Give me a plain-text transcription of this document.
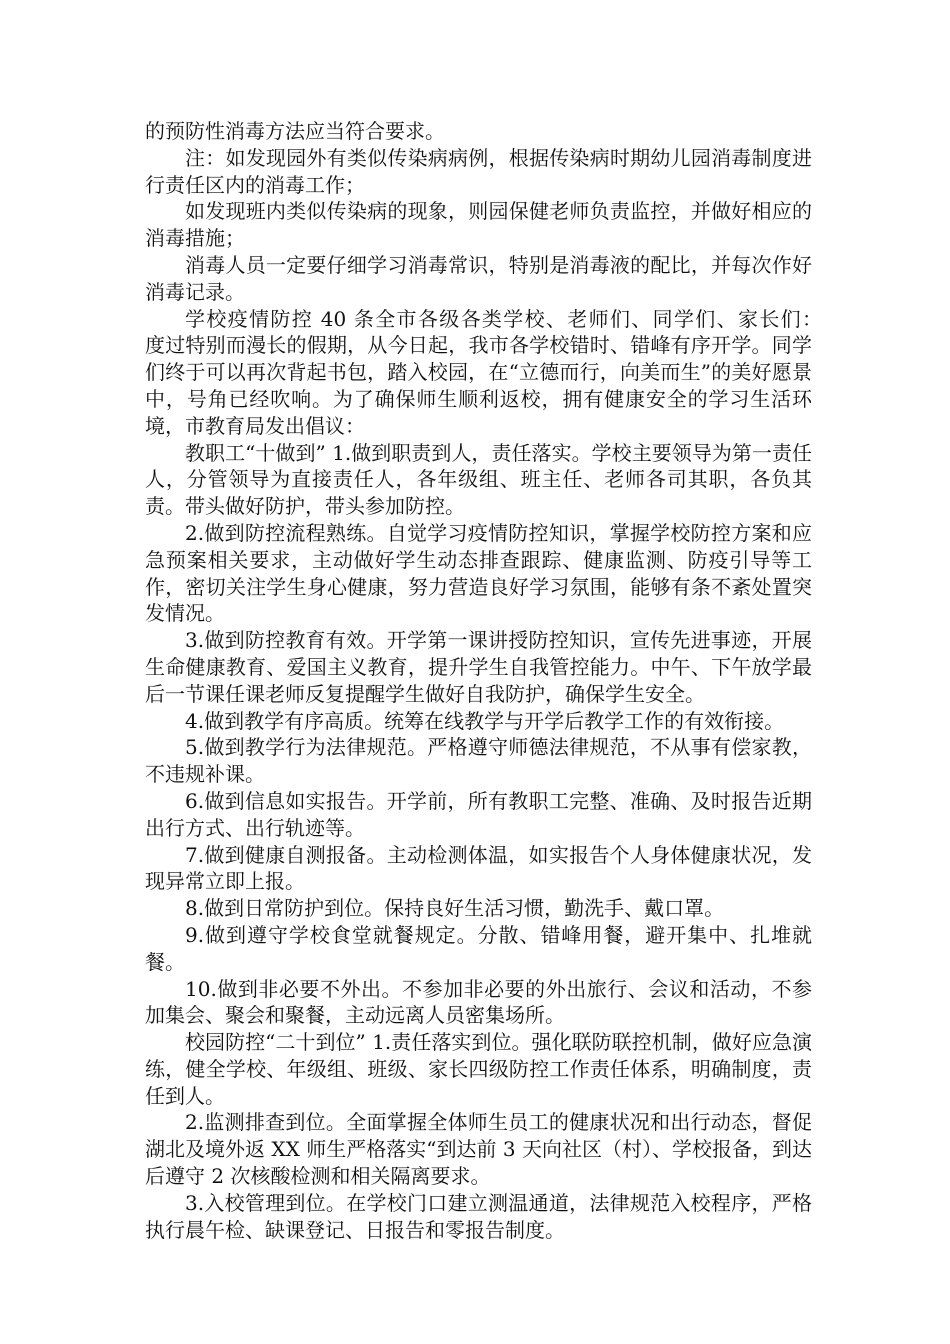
的预防性消毒方法应当符合要求。

注：如发现园外有类似传染病病例，根据传染病时期幼儿园消毒制度进行责任区内的消毒工作；

如发现班内类似传染病的现象，则园保健老师负责监控，并做好相应的消毒措施；

消毒人员一定要仔细学习消毒常识，特别是消毒液的配比，并每次作好消毒记录。

学校疫情防控 40 条全市各级各类学校、老师们、同学们、家长们：　　度过特别而漫长的假期，从今日起，我市各学校错时、错峰有序开学。同学们终于可以再次背起书包，踏入校园，在“立德而行，向美而生”的美好愿景中，号角已经吹响。为了确保师生顺利返校，拥有健康安全的学习生活环境，市教育局发出倡议：

教职工“十做到” 1.做到职责到人，责任落实。学校主要领导为第一责任人，分管领导为直接责任人，各年级组、班主任、老师各司其职，各负其责。带头做好防护，带头参加防控。

2.做到防控流程熟练。自觉学习疫情防控知识，掌握学校防控方案和应急预案相关要求，主动做好学生动态排查跟踪、健康监测、防疫引导等工作，密切关注学生身心健康，努力营造良好学习氛围，能够有条不紊处置突发情况。

3.做到防控教育有效。开学第一课讲授防控知识，宣传先进事迹，开展生命健康教育、爱国主义教育，提升学生自我管控能力。中午、下午放学最后一节课任课老师反复提醒学生做好自我防护，确保学生安全。

4.做到教学有序高质。统筹在线教学与开学后教学工作的有效衔接。

5.做到教学行为法律规范。严格遵守师德法律规范，不从事有偿家教，不违规补课。

6.做到信息如实报告。开学前，所有教职工完整、准确、及时报告近期出行方式、出行轨迹等。

7.做到健康自测报备。主动检测体温，如实报告个人身体健康状况，发现异常立即上报。

8.做到日常防护到位。保持良好生活习惯，勤洗手、戴口罩。

9.做到遵守学校食堂就餐规定。分散、错峰用餐，避开集中、扎堆就餐。

10.做到非必要不外出。不参加非必要的外出旅行、会议和活动，不参加集会、聚会和聚餐，主动远离人员密集场所。

校园防控“二十到位” 1.责任落实到位。强化联防联控机制，做好应急演练，健全学校、年级组、班级、家长四级防控工作责任体系，明确制度，责任到人。

2.监测排查到位。全面掌握全体师生员工的健康状况和出行动态，督促湖北及境外返 XX 师生严格落实“到达前 3 天向社区（村）、学校报备，到达后遵守 2 次核酸检测和相关隔离要求。

3.入校管理到位。在学校门口建立测温通道，法律规范入校程序，严格执行晨午检、缺课登记、日报告和零报告制度。
